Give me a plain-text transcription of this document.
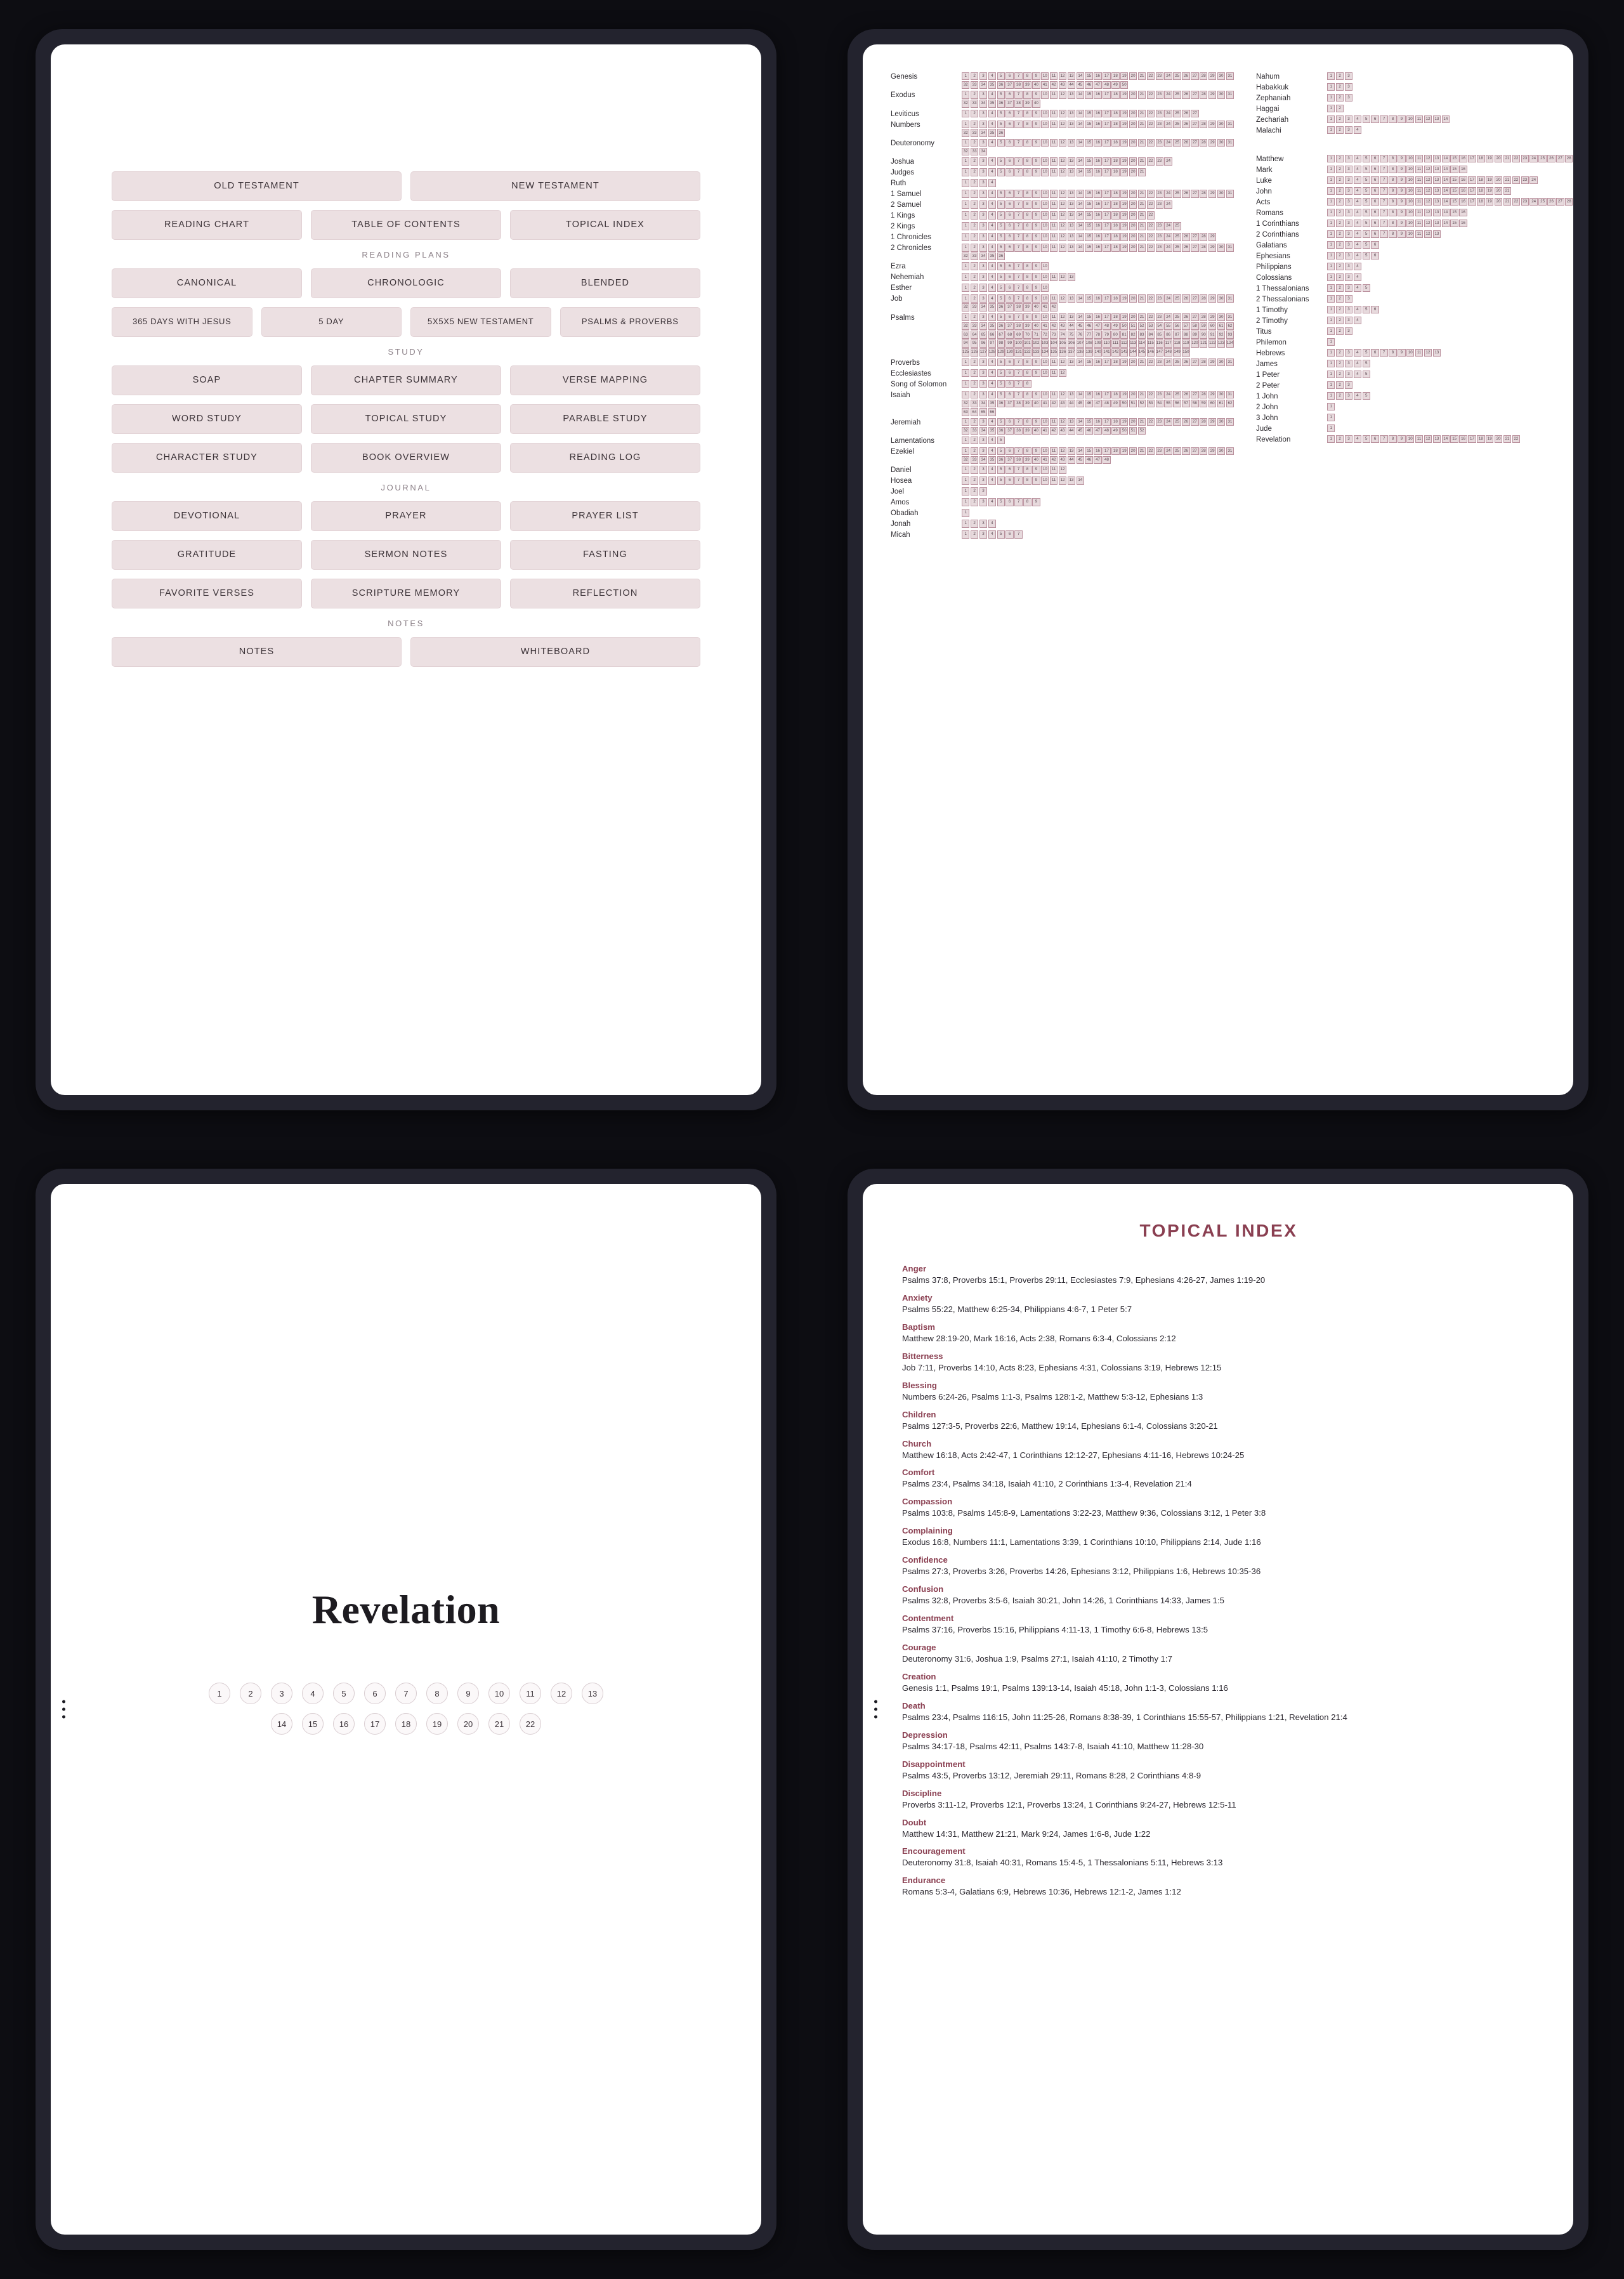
OLD TESTAMENT	NEW TESTAMENT
READING CHART	TABLE OF CONTENTS	TOPICAL INDEX
READING PLANS
CANONICAL	CHRONOLOGIC	BLENDED
365 DAYS WITH JESUS	5 DAY	5X5X5 NEW TESTAMENT	PSALMS & PROVERBS
STUDY
SOAP	CHAPTER SUMMARY	VERSE MAPPING
WORD STUDY	TOPICAL STUDY	PARABLE STUDY
CHARACTER STUDY	BOOK OVERVIEW	READING LOG
JOURNAL
DEVOTIONAL	PRAYER	PRAYER LIST
GRATITUDE	SERMON NOTES	FASTING
FAVORITE VERSES	SCRIPTURE MEMORY	REFLECTION
NOTES
NOTES	WHITEBOARD
Genesis	1	2	3	4	5	6	7	8	9	10	11	12	13	14	15	16	17	18	19	20	21	22	23	24	25	26	27	28	29	30	31
32	33	34	35	36	37	38	39	40	41	42	43	44	45	46	47	48	49	50
Exodus	1	2	3	4	5	6	7	8	9	10	11	12	13	14	15	16	17	18	19	20	21	22	23	24	25	26	27	28	29	30	31
32	33	34	35	36	37	38	39	40
Leviticus	1	2	3	4	5	6	7	8	9	10	11	12	13	14	15	16	17	18	19	20	21	22	23	24	25	26	27
Numbers	1	2	3	4	5	6	7	8	9	10	11	12	13	14	15	16	17	18	19	20	21	22	23	24	25	26	27	28	29	30	31
32	33	34	35	36
Deuteronomy	1	2	3	4	5	6	7	8	9	10	11	12	13	14	15	16	17	18	19	20	21	22	23	24	25	26	27	28	29	30	31
32	33	34
Joshua	1	2	3	4	5	6	7	8	9	10	11	12	13	14	15	16	17	18	19	20	21	22	23	24
Judges	1	2	3	4	5	6	7	8	9	10	11	12	13	14	15	16	17	18	19	20	21
Ruth	1	2	3	4
1 Samuel	1	2	3	4	5	6	7	8	9	10	11	12	13	14	15	16	17	18	19	20	21	22	23	24	25	26	27	28	29	30	31
2 Samuel	1	2	3	4	5	6	7	8	9	10	11	12	13	14	15	16	17	18	19	20	21	22	23	24
1 Kings	1	2	3	4	5	6	7	8	9	10	11	12	13	14	15	16	17	18	19	20	21	22
2 Kings	1	2	3	4	5	6	7	8	9	10	11	12	13	14	15	16	17	18	19	20	21	22	23	24	25
1 Chronicles	1	2	3	4	5	6	7	8	9	10	11	12	13	14	15	16	17	18	19	20	21	22	23	24	25	26	27	28	29
2 Chronicles	1	2	3	4	5	6	7	8	9	10	11	12	13	14	15	16	17	18	19	20	21	22	23	24	25	26	27	28	29	30	31
32	33	34	35	36
Ezra	1	2	3	4	5	6	7	8	9	10
Nehemiah	1	2	3	4	5	6	7	8	9	10	11	12	13
Esther	1	2	3	4	5	6	7	8	9	10
Job	1	2	3	4	5	6	7	8	9	10	11	12	13	14	15	16	17	18	19	20	21	22	23	24	25	26	27	28	29	30	31
32	33	34	35	36	37	38	39	40	41	42
Psalms	1	2	3	4	5	6	7	8	9	10	11	12	13	14	15	16	17	18	19	20	21	22	23	24	25	26	27	28	29	30	31
32	33	34	35	36	37	38	39	40	41	42	43	44	45	46	47	48	49	50	51	52	53	54	55	56	57	58	59	60	61	62
63	64	65	66	67	68	69	70	71	72	73	74	75	76	77	78	79	80	81	82	83	84	85	86	87	88	89	90	91	92	93
94	95	96	97	98	99 100 101 102 103 104 105 106 107 108 109 110 111 112 113 114 115 116 117 118 119 120 121 122 123 124
125 126 127 128 129 130 131 132 133 134 135 136 137 138 139 140 141 142 143 144 145 146 147 148 149 150
Proverbs	1	2	3	4	5	6	7	8	9	10	11	12	13	14	15	16	17	18	19	20	21	22	23	24	25	26	27	28	29	30	31
Ecclesiastes	1	2	3	4	5	6	7	8	9	10	11	12
Song of Solomon	1	2	3	4	5	6	7	8
Isaiah	1	2	3	4	5	6	7	8	9	10	11	12	13	14	15	16	17	18	19	20	21	22	23	24	25	26	27	28	29	30	31
32	33	34	35	36	37	38	39	40	41	42	43	44	45	46	47	48	49	50	51	52	53	54	55	56	57	58	59	60	61	62
63	64	65	66
Jeremiah	1	2	3	4	5	6	7	8	9	10	11	12	13	14	15	16	17	18	19	20	21	22	23	24	25	26	27	28	29	30	31
32	33	34	35	36	37	38	39	40	41	42	43	44	45	46	47	48	49	50	51	52
Lamentations	1	2	3	4	5
Ezekiel	1	2	3	4	5	6	7	8	9	10	11	12	13	14	15	16	17	18	19	20	21	22	23	24	25	26	27	28	29	30	31
32	33	34	35	36	37	38	39	40	41	42	43	44	45	46	47	48
Daniel	1	2	3	4	5	6	7	8	9	10	11	12
Hosea	1	2	3	4	5	6	7	8	9	10	11	12	13	14
Joel	1	2	3
Amos	1	2	3	4	5	6	7	8	9
Obadiah	1
Jonah	1	2	3	4
Micah	1	2	3	4	5	6	7
Nahum	1	2	3
Habakkuk	1	2	3
Zephaniah	1	2	3
Haggai	1	2
Zechariah	1	2	3	4	5	6	7	8	9	10	11	12	13	14
Malachi	1	2	3	4
Matthew	1	2	3	4	5	6	7	8	9	10	11	12	13	14	15	16	17	18	19	20	21	22	23	24	25	26	27	28
Mark	1	2	3	4	5	6	7	8	9	10	11	12	13	14	15	16
Luke	1	2	3	4	5	6	7	8	9	10	11	12	13	14	15	16	17	18	19	20	21	22	23	24
John	1	2	3	4	5	6	7	8	9	10	11	12	13	14	15	16	17	18	19	20	21
Acts	1	2	3	4	5	6	7	8	9	10	11	12	13	14	15	16	17	18	19	20	21	22	23	24	25	26	27	28
Romans	1	2	3	4	5	6	7	8	9	10	11	12	13	14	15	16
1 Corinthians	1	2	3	4	5	6	7	8	9	10	11	12	13	14	15	16
2 Corinthians	1	2	3	4	5	6	7	8	9	10	11	12	13
Galatians	1	2	3	4	5	6
Ephesians	1	2	3	4	5	6
Philippians	1	2	3	4
Colossians	1	2	3	4
1 Thessalonians	1	2	3	4	5
2 Thessalonians	1	2	3
1 Timothy	1	2	3	4	5	6
2 Timothy	1	2	3	4
Titus	1	2	3
Philemon	1
Hebrews	1	2	3	4	5	6	7	8	9	10	11	12	13
James	1	2	3	4	5
1 Peter	1	2	3	4	5
2 Peter	1	2	3
1 John	1	2	3	4	5
2 John	1
3 John	1
Jude	1
Revelation	1	2	3	4	5	6	7	8	9	10	11	12	13	14	15	16	17	18	19	20	21	22
Revelation
1	2	3	4	5	6	7	8	9	10	11	12	13
14	15	16	17	18	19	20	21	22
TOPICAL INDEX
Anger
Psalms 37:8, Proverbs 15:1, Proverbs 29:11, Ecclesiastes 7:9, Ephesians 4:26-27, James 1:19-20
Anxiety
Psalms 55:22, Matthew 6:25-34, Philippians 4:6-7, 1 Peter 5:7
Baptism
Matthew 28:19-20, Mark 16:16, Acts 2:38, Romans 6:3-4, Colossians 2:12
Bitterness
Job 7:11, Proverbs 14:10, Acts 8:23, Ephesians 4:31, Colossians 3:19, Hebrews 12:15
Blessing
Numbers 6:24-26, Psalms 1:1-3, Psalms 128:1-2, Matthew 5:3-12, Ephesians 1:3
Children
Psalms 127:3-5, Proverbs 22:6, Matthew 19:14, Ephesians 6:1-4, Colossians 3:20-21
Church
Matthew 16:18, Acts 2:42-47, 1 Corinthians 12:12-27, Ephesians 4:11-16, Hebrews 10:24-25
Comfort
Psalms 23:4, Psalms 34:18, Isaiah 41:10, 2 Corinthians 1:3-4, Revelation 21:4
Compassion
Psalms 103:8, Psalms 145:8-9, Lamentations 3:22-23, Matthew 9:36, Colossians 3:12, 1 Peter 3:8
Complaining
Exodus 16:8, Numbers 11:1, Lamentations 3:39, 1 Corinthians 10:10, Philippians 2:14, Jude 1:16
Confidence
Psalms 27:3, Proverbs 3:26, Proverbs 14:26, Ephesians 3:12, Philippians 1:6, Hebrews 10:35-36
Confusion
Psalms 32:8, Proverbs 3:5-6, Isaiah 30:21, John 14:26, 1 Corinthians 14:33, James 1:5
Contentment
Psalms 37:16, Proverbs 15:16, Philippians 4:11-13, 1 Timothy 6:6-8, Hebrews 13:5
Courage
Deuteronomy 31:6, Joshua 1:9, Psalms 27:1, Isaiah 41:10, 2 Timothy 1:7
Creation
Genesis 1:1, Psalms 19:1, Psalms 139:13-14, Isaiah 45:18, John 1:1-3, Colossians 1:16
Death
Psalms 23:4, Psalms 116:15, John 11:25-26, Romans 8:38-39, 1 Corinthians 15:55-57, Philippians 1:21, Revelation 21:4
Depression
Psalms 34:17-18, Psalms 42:11, Psalms 143:7-8, Isaiah 41:10, Matthew 11:28-30
Disappointment
Psalms 43:5, Proverbs 13:12, Jeremiah 29:11, Romans 8:28, 2 Corinthians 4:8-9
Discipline
Proverbs 3:11-12, Proverbs 12:1, Proverbs 13:24, 1 Corinthians 9:24-27, Hebrews 12:5-11
Doubt
Matthew 14:31, Matthew 21:21, Mark 9:24, James 1:6-8, Jude 1:22
Encouragement
Deuteronomy 31:8, Isaiah 40:31, Romans 15:4-5, 1 Thessalonians 5:11, Hebrews 3:13
Endurance
Romans 5:3-4, Galatians 6:9, Hebrews 10:36, Hebrews 12:1-2, James 1:12
